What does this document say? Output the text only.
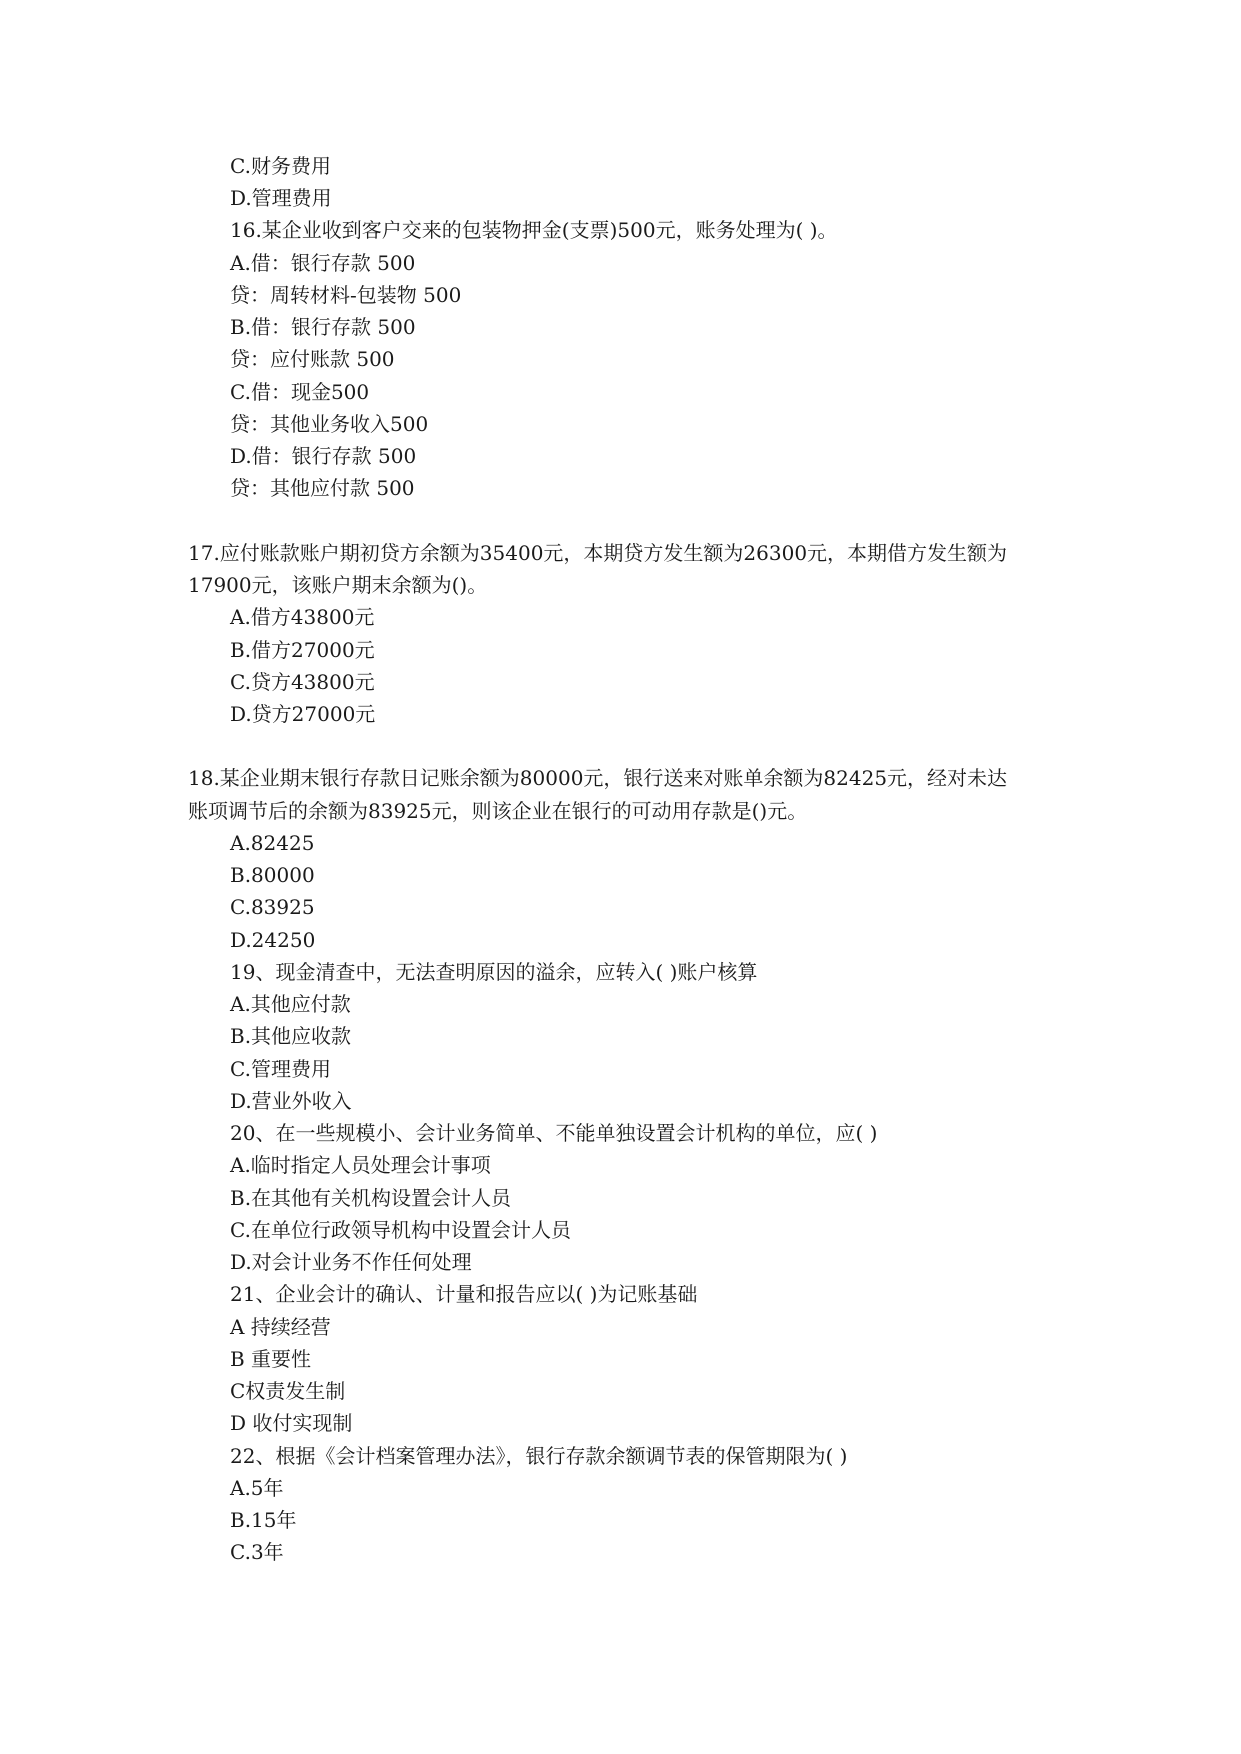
C.财务费用
D.管理费用
16.某企业收到客户交来的包装物押金(支票)500元，账务处理为( )。
A.借：银行存款 500
贷：周转材料-包装物 500
B.借：银行存款 500
贷：应付账款 500
C.借：现金500
贷：其他业务收入500
D.借：银行存款 500
贷：其他应付款 500
17.应付账款账户期初贷方余额为35400元，本期贷方发生额为26300元，本期借方发生额为
17900元，该账户期末余额为()。
A.借方43800元
B.借方27000元
C.贷方43800元
D.贷方27000元
18.某企业期末银行存款日记账余额为80000元，银行送来对账单余额为82425元，经对未达
账项调节后的余额为83925元，则该企业在银行的可动用存款是()元。
A.82425
B.80000
C.83925
D.24250
19、现金清查中，无法查明原因的溢余，应转入( )账户核算
A.其他应付款
B.其他应收款
C.管理费用
D.营业外收入
20、在一些规模小、会计业务简单、不能单独设置会计机构的单位，应( )
A.临时指定人员处理会计事项
B.在其他有关机构设置会计人员
C.在单位行政领导机构中设置会计人员
D.对会计业务不作任何处理
21、企业会计的确认、计量和报告应以( )为记账基础
A 持续经营
B 重要性
C权责发生制
D 收付实现制
22、根据《会计档案管理办法》，银行存款余额调节表的保管期限为( )
A.5年
B.15年
C.3年
